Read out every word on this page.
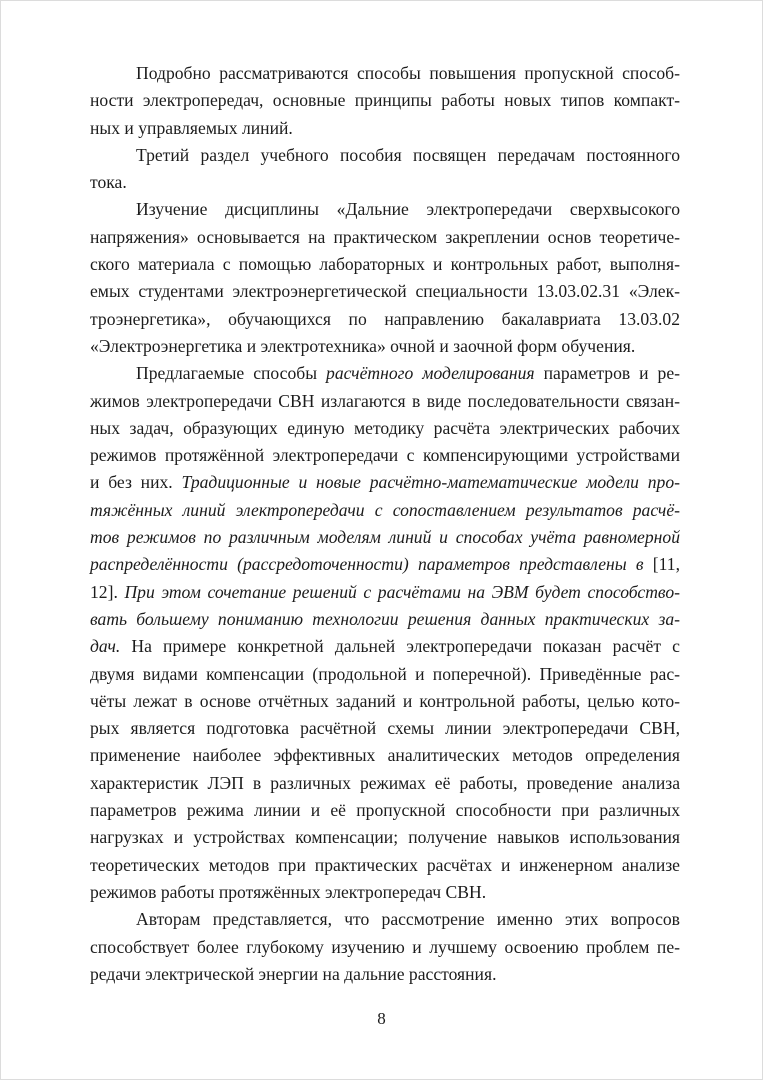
Подробно рассматриваются способы повышения пропускной способ-
ности электропередач, основные принципы работы новых типов компакт-
ных и управляемых линий.
Третий раздел учебного пособия посвящен передачам постоянного
тока.
Изучение дисциплины «Дальние электропередачи сверхвысокого
напряжения» основывается на практическом закреплении основ теоретиче-
ского материала с помощью лабораторных и контрольных работ, выполня-
емых студентами электроэнергетической специальности 13.03.02.31 «Элек-
троэнергетика», обучающихся по направлению бакалавриата 13.03.02
«Электроэнергетика и электротехника» очной и заочной форм обучения.
Предлагаемые способы расчётного моделирования параметров и ре-
жимов электропередачи СВН излагаются в виде последовательности связан-
ных задач, образующих единую методику расчёта электрических рабочих
режимов протяжённой электропередачи с компенсирующими устройствами
и без них. Традиционные и новые расчётно-математические модели про-
тяжённых линий электропередачи с сопоставлением результатов расчё-
тов режимов по различным моделям линий и способах учёта равномерной
распределённости (рассредоточенности) параметров представлены в [11,
12]. При этом сочетание решений с расчётами на ЭВМ будет способство-
вать большему пониманию технологии решения данных практических за-
дач. На примере конкретной дальней электропередачи показан расчёт с
двумя видами компенсации (продольной и поперечной). Приведённые рас-
чёты лежат в основе отчётных заданий и контрольной работы, целью кото-
рых является подготовка расчётной схемы линии электропередачи СВН,
применение наиболее эффективных аналитических методов определения
характеристик ЛЭП в различных режимах её работы, проведение анализа
параметров режима линии и её пропускной способности при различных
нагрузках и устройствах компенсации; получение навыков использования
теоретических методов при практических расчётах и инженерном анализе
режимов работы протяжённых электропередач СВН.
Авторам представляется, что рассмотрение именно этих вопросов
способствует более глубокому изучению и лучшему освоению проблем пе-
редачи электрической энергии на дальние расстояния.
8
